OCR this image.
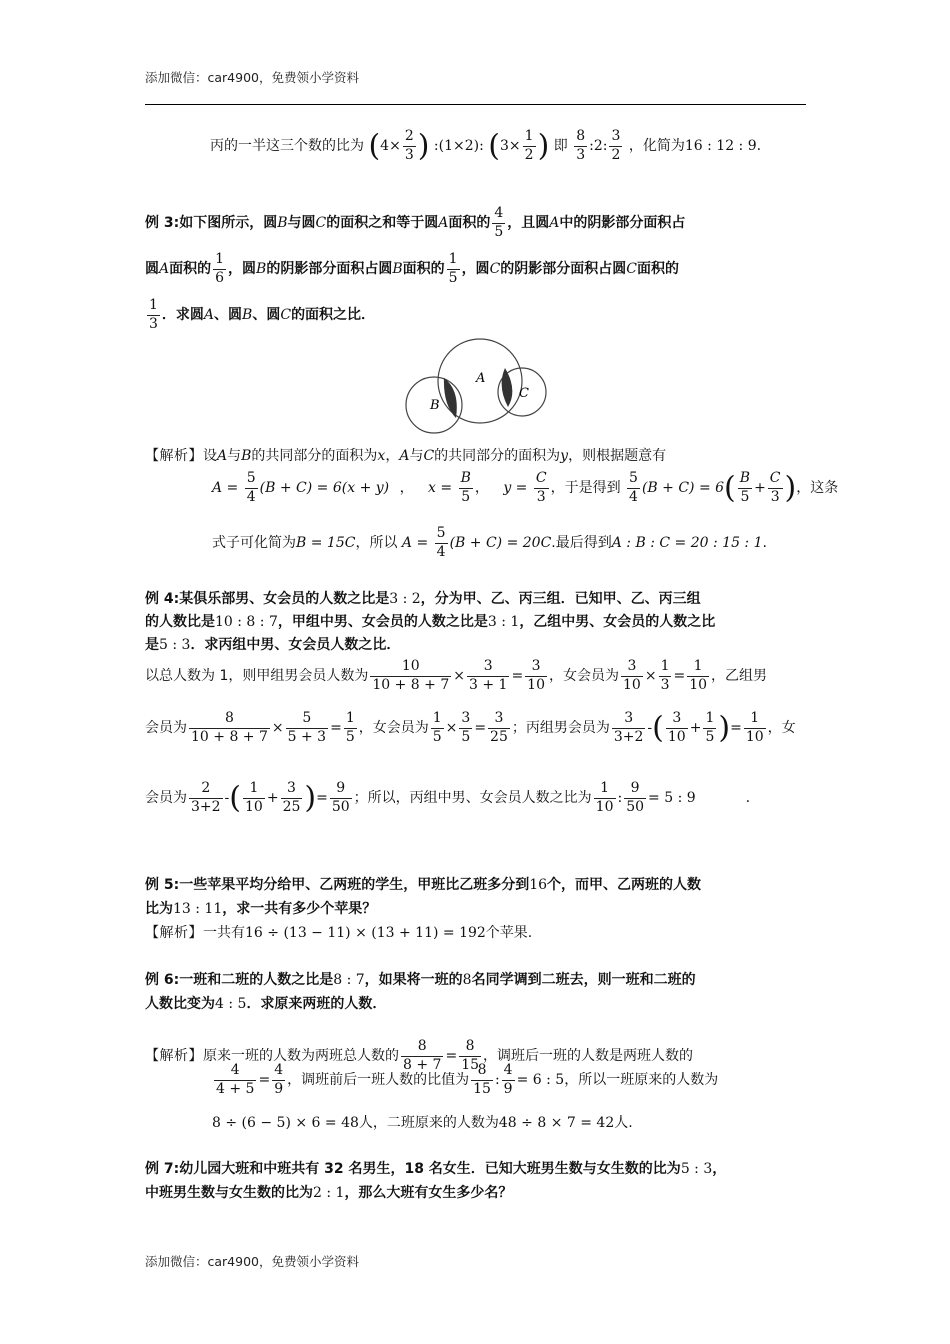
添加微信：car4900，免费领小学资料
丙的一半这三个数的比为 ($4\times \frac{2}{3}$ ) :(1×2): ($3\times \frac{1}{2}$ ) 即 $\frac{8}{3}$ :2: $\frac{3}{2}$ ，化简为16 : 12 : 9.
例 3:如下图所示，圆B与圆C的面积之和等于圆A面积的 $\frac{4}{5}$ ，且圆A中的阴影部分面积占
圆A面积的 $\frac{1}{6}$ ，圆B的阴影部分面积占圆B面积的 $\frac{1}{5}$ ，圆C的阴影部分面积占圆C面积的
$\frac{1}{3}$ ．求圆A、圆B、圆C的面积之比．
A
B
C
【解析】设A与B的共同部分的面积为x，A与C的共同部分的面积为y，则根据题意有
$A = \frac{5}{4} (B + C) = 6(x + y)$ ， $x = \frac{B}{5}$ ， $y = \frac{C}{3}$ ，于是得到 $\frac{5}{4} (B + C) = 6( \frac{B}{5} + \frac{C}{3}$ )，这条
式子可化简为B = 15C，所以 $A = \frac{5}{4} (B + C) = 20C$.最后得到A : B : C = 20 : 15 : 1.
例 4:某俱乐部男、女会员的人数之比是3 : 2，分为甲、乙、丙三组．已知甲、乙、丙三组
的人数比是10 : 8 : 7，甲组中男、女会员的人数之比是3 : 1，乙组中男、女会员的人数之比
是5 : 3．求丙组中男、女会员人数之比．
以总人数为 1，则甲组男会员人数为 $\frac{10}{10 + 8 + 7} \times \frac{3}{3 + 1} = \frac{3}{10}$ ，女会员为 $\frac{3}{10} \times \frac{1}{3} = \frac{1}{10}$ ，乙组男
会员为 $\frac{8}{10 + 8 + 7} \times \frac{5}{5 + 3} = \frac{1}{5}$ ，女会员为 $\frac{1}{5} \times \frac{3}{5} = \frac{3}{25}$ ；丙组男会员为 $\frac{3}{3+2}$ -( $\frac{3}{10} + \frac{1}{5}$ )= $\frac{1}{10}$ ，女
会员为 $\frac{2}{3+2}$ -( $\frac{1}{10} + \frac{3}{25}$ )= $\frac{9}{50}$ ；所以，丙组中男、女会员人数之比为 $\frac{1}{10}$ : $\frac{9}{50} = 5$ : 9	.
例 5:一些苹果平均分给甲、乙两班的学生，甲班比乙班多分到16个，而甲、乙两班的人数
比为13 : 11，求一共有多少个苹果？
【解析】一共有16 ÷ (13 − 11) × (13 + 11) = 192个苹果.
例 6:一班和二班的人数之比是8 : 7，如果将一班的8名同学调到二班去，则一班和二班的
人数比变为4 : 5．求原来两班的人数．
【解析】原来一班的人数为两班总人数的 $\frac{8}{8 + 7} = \frac{8}{15}$ ，调班后一班的人数是两班人数的
$\frac{4}{4 + 5} = \frac{4}{9}$ ，调班前后一班人数的比值为 $\frac{8}{15}$ : $\frac{4}{9} = 6$ : 5，所以一班原来的人数为
8 ÷ (6 − 5) × 6 = 48人，二班原来的人数为48 ÷ 8 × 7 = 42人.
例 7:幼儿园大班和中班共有 32 名男生，18 名女生．已知大班男生数与女生数的比为5 : 3，
中班男生数与女生数的比为2 : 1，那么大班有女生多少名？
添加微信：car4900，免费领小学资料
